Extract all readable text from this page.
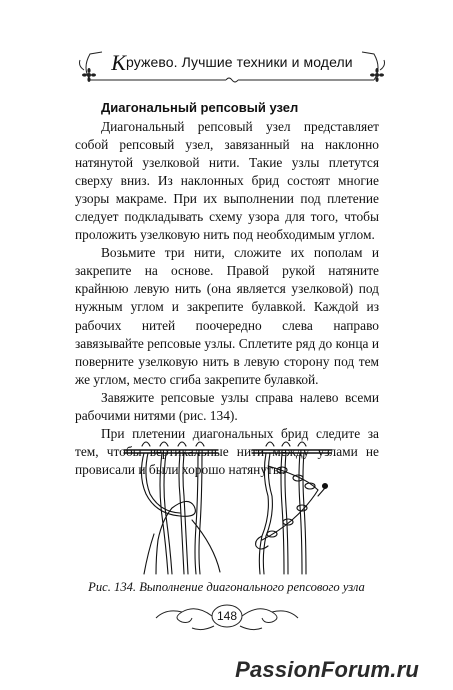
Кружево. Лучшие техники и модели
Диагональный репсовый узел

Диагональный репсовый узел представляет собой репсовый узел, завязанный на наклонно натянутой узелковой нити. Такие узлы плетутся сверху вниз. Из наклонных брид состоят многие узоры макраме. При их выполнении под плетение следует подкладывать схему узора для того, чтобы проложить узелковую нить под необходимым углом.

Возьмите три нити, сложите их пополам и закрепите на основе. Правой рукой натяните крайнюю левую нить (она является узелковой) под нужным углом и закрепите булавкой. Каждой из рабочих нитей поочередно слева направо завязывайте репсовые узлы. Сплетите ряд до конца и поверните узелковую нить в левую сторону под тем же углом, место сгиба закрепите булавкой.

Завяжите репсовые узлы справа налево всеми рабочими нитями (рис. 134).

При плетении диагональных брид следите за тем, чтобы вертикальные нити между узлами не провисали и были хорошо натянуты.

Рис. 134. Выполнение диагонального репсового узла
148
PassionForum.ru
